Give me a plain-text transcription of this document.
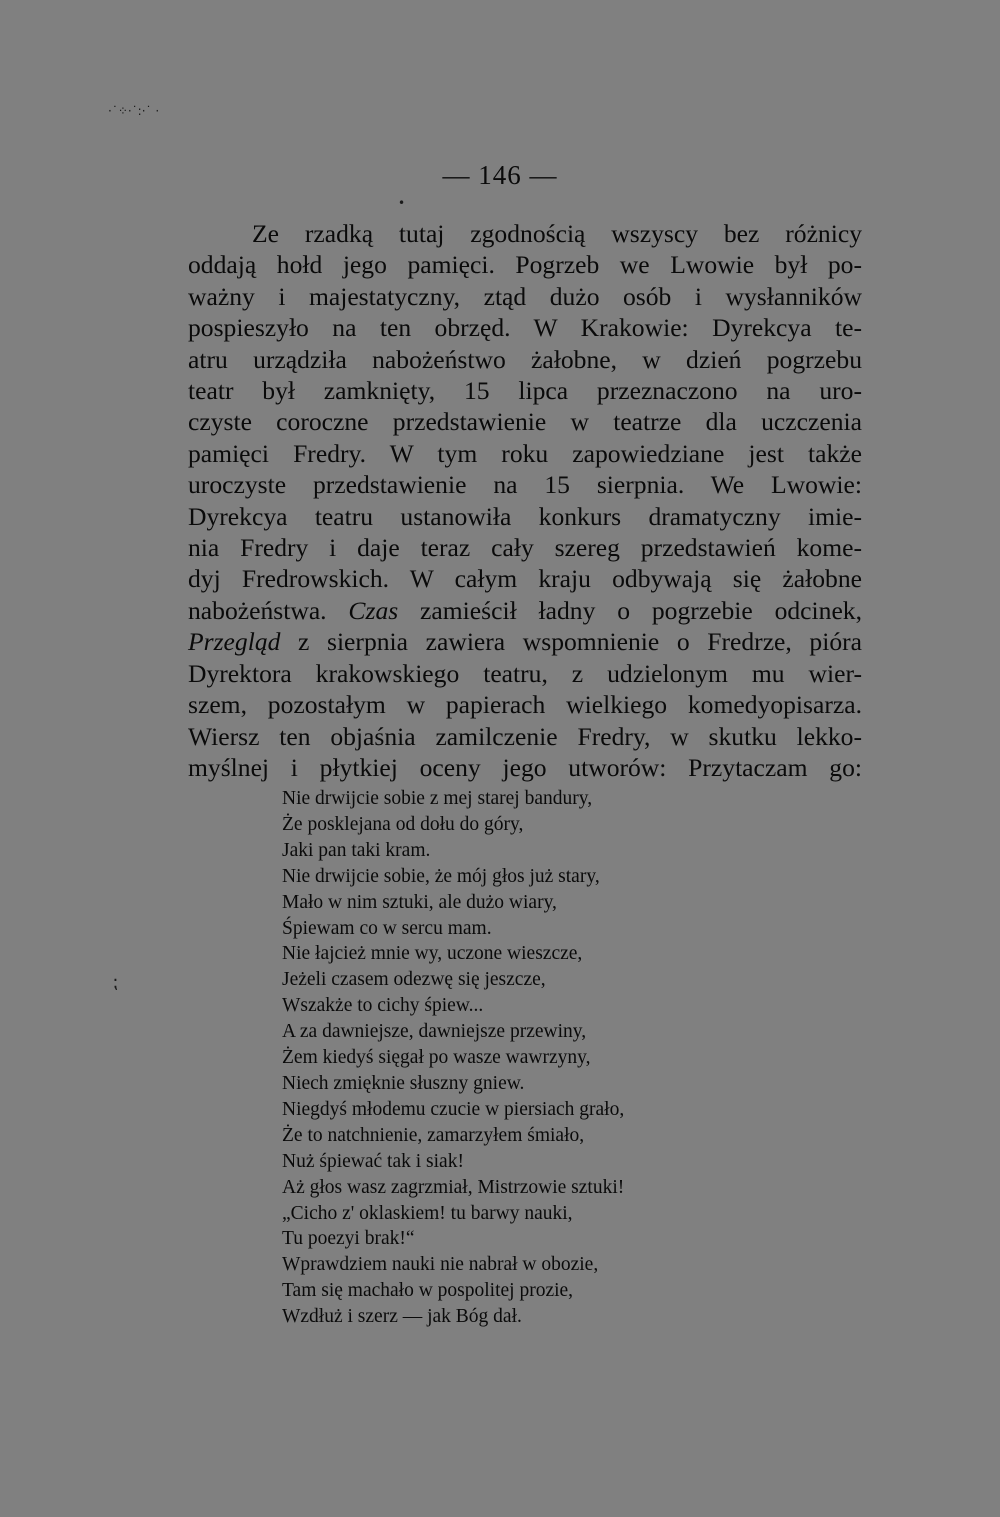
·˙⁘·˙:·˙ ·
•
⁏
— 146 —
Ze rzadką tutaj zgodnością wszyscy bez różnicy
oddają hołd jego pamięci. Pogrzeb we Lwowie był po-
ważny i majestatyczny, ztąd dużo osób i wysłanników
pospieszyło na ten obrzęd. W Krakowie: Dyrekcya te-
atru urządziła nabożeństwo żałobne, w dzień pogrzebu
teatr był zamknięty, 15 lipca przeznaczono na uro-
czyste coroczne przedstawienie w teatrze dla uczczenia
pamięci Fredry. W tym roku zapowiedziane jest także
uroczyste przedstawienie na 15 sierpnia. We Lwowie:
Dyrekcya teatru ustanowiła konkurs dramatyczny imie-
nia Fredry i daje teraz cały szereg przedstawień kome-
dyj Fredrowskich. W całym kraju odbywają się żałobne
nabożeństwa. Czas zamieścił ładny o pogrzebie odcinek,
Przegląd z sierpnia zawiera wspomnienie o Fredrze, pióra
Dyrektora krakowskiego teatru, z udzielonym mu wier-
szem, pozostałym w papierach wielkiego komedyopisarza.
Wiersz ten objaśnia zamilczenie Fredry, w skutku lekko-
myślnej i płytkiej oceny jego utworów: Przytaczam go:
Nie drwijcie sobie z mej starej bandury,
Że posklejana od dołu do góry,
Jaki pan taki kram.
Nie drwijcie sobie, że mój głos już stary,
Mało w nim sztuki, ale dużo wiary,
Śpiewam co w sercu mam.
Nie łajcież mnie wy, uczone wieszcze,
Jeżeli czasem odezwę się jeszcze,
Wszakże to cichy śpiew...
A za dawniejsze, dawniejsze przewiny,
Żem kiedyś sięgał po wasze wawrzyny,
Niech zmięknie słuszny gniew.
Niegdyś młodemu czucie w piersiach grało,
Że to natchnienie, zamarzyłem śmiało,
Nuż śpiewać tak i siak!
Aż głos wasz zagrzmiał, Mistrzowie sztuki!
„Cicho z' oklaskiem! tu barwy nauki,
Tu poezyi brak!“
Wprawdziem nauki nie nabrał w obozie,
Tam się machało w pospolitej prozie,
Wzdłuż i szerz — jak Bóg dał.
